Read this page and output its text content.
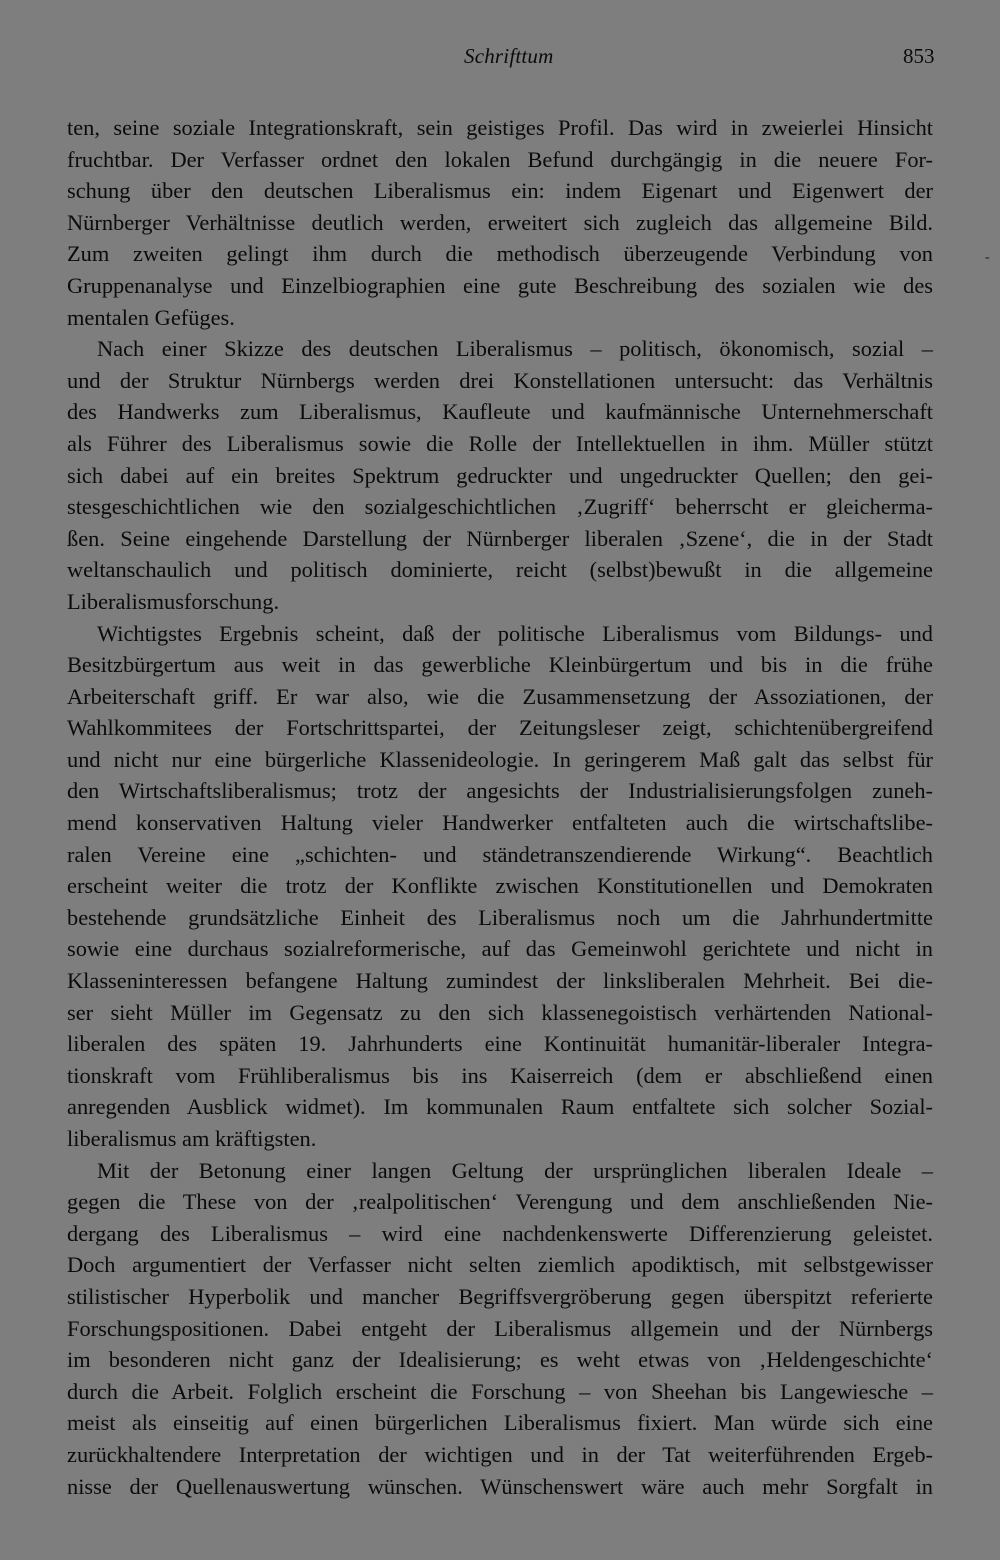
Schrifttum	853
-
ten, seine soziale Integrationskraft, sein geistiges Profil. Das wird in zweierlei Hinsicht
fruchtbar. Der Verfasser ordnet den lokalen Befund durchgängig in die neuere For-
schung über den deutschen Liberalismus ein: indem Eigenart und Eigenwert der
Nürnberger Verhältnisse deutlich werden, erweitert sich zugleich das allgemeine Bild.
Zum zweiten gelingt ihm durch die methodisch überzeugende Verbindung von
Gruppenanalyse und Einzelbiographien eine gute Beschreibung des sozialen wie des
mentalen Gefüges.
Nach einer Skizze des deutschen Liberalismus – politisch, ökonomisch, sozial –
und der Struktur Nürnbergs werden drei Konstellationen untersucht: das Verhältnis
des Handwerks zum Liberalismus, Kaufleute und kaufmännische Unternehmerschaft
als Führer des Liberalismus sowie die Rolle der Intellektuellen in ihm. Müller stützt
sich dabei auf ein breites Spektrum gedruckter und ungedruckter Quellen; den gei-
stesgeschichtlichen wie den sozialgeschichtlichen ‚Zugriff‘ beherrscht er gleicherma-
ßen. Seine eingehende Darstellung der Nürnberger liberalen ‚Szene‘, die in der Stadt
weltanschaulich und politisch dominierte, reicht (selbst)bewußt in die allgemeine
Liberalismusforschung.
Wichtigstes Ergebnis scheint, daß der politische Liberalismus vom Bildungs- und
Besitzbürgertum aus weit in das gewerbliche Kleinbürgertum und bis in die frühe
Arbeiterschaft griff. Er war also, wie die Zusammensetzung der Assoziationen, der
Wahlkommitees der Fortschrittspartei, der Zeitungsleser zeigt, schichtenübergreifend
und nicht nur eine bürgerliche Klassenideologie. In geringerem Maß galt das selbst für
den Wirtschaftsliberalismus; trotz der angesichts der Industrialisierungsfolgen zuneh-
mend konservativen Haltung vieler Handwerker entfalteten auch die wirtschaftslibe-
ralen Vereine eine „schichten- und ständetranszendierende Wirkung“. Beachtlich
erscheint weiter die trotz der Konflikte zwischen Konstitutionellen und Demokraten
bestehende grundsätzliche Einheit des Liberalismus noch um die Jahrhundertmitte
sowie eine durchaus sozialreformerische, auf das Gemeinwohl gerichtete und nicht in
Klasseninteressen befangene Haltung zumindest der linksliberalen Mehrheit. Bei die-
ser sieht Müller im Gegensatz zu den sich klassenegoistisch verhärtenden National-
liberalen des späten 19. Jahrhunderts eine Kontinuität humanitär-liberaler Integra-
tionskraft vom Frühliberalismus bis ins Kaiserreich (dem er abschließend einen
anregenden Ausblick widmet). Im kommunalen Raum entfaltete sich solcher Sozial-
liberalismus am kräftigsten.
Mit der Betonung einer langen Geltung der ursprünglichen liberalen Ideale –
gegen die These von der ‚realpolitischen‘ Verengung und dem anschließenden Nie-
dergang des Liberalismus – wird eine nachdenkenswerte Differenzierung geleistet.
Doch argumentiert der Verfasser nicht selten ziemlich apodiktisch, mit selbstgewisser
stilistischer Hyperbolik und mancher Begriffsvergröberung gegen überspitzt referierte
Forschungspositionen. Dabei entgeht der Liberalismus allgemein und der Nürnbergs
im besonderen nicht ganz der Idealisierung; es weht etwas von ‚Heldengeschichte‘
durch die Arbeit. Folglich erscheint die Forschung – von Sheehan bis Langewiesche –
meist als einseitig auf einen bürgerlichen Liberalismus fixiert. Man würde sich eine
zurückhaltendere Interpretation der wichtigen und in der Tat weiterführenden Ergeb-
nisse der Quellenauswertung wünschen. Wünschenswert wäre auch mehr Sorgfalt in
